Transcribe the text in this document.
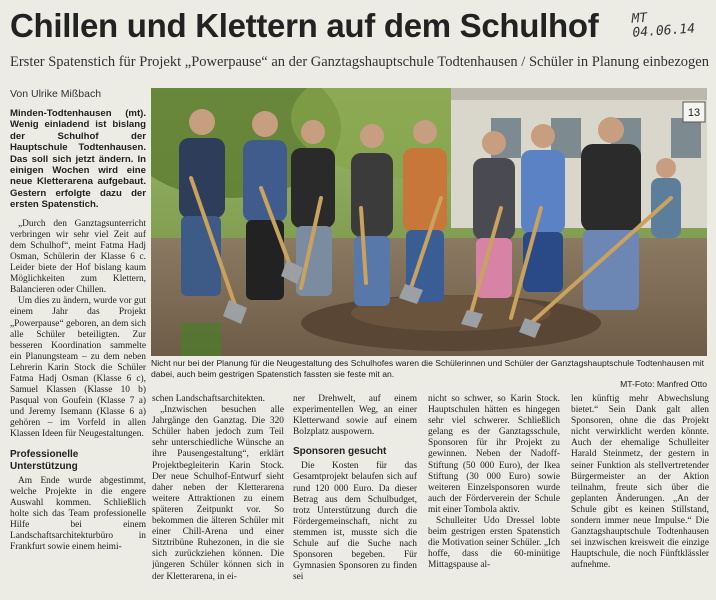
Chillen und Klettern auf dem Schulhof	MT 04.06.14
Erster Spatenstich für Projekt „Powerpause“ an der Ganztagshauptschule Todtenhausen / Schüler in Planung einbezogen
Von Ulrike Mißbach
13
Nicht nur bei der Planung für die Neugestaltung des Schulhofes waren die Schülerinnen und Schüler der Ganztagshauptschule Todtenhausen mit dabei, auch beim gestrigen Spatenstich fassten sie feste mit an.
MT-Foto: Manfred Otto

Minden-Todtenhausen (mt). Wenig einladend ist bislang der Schulhof der Hauptschule Todtenhausen. Das soll sich jetzt ändern. In einigen Wochen wird eine neue Kletterarena aufgebaut. Gestern erfolgte dazu der ersten Spatenstich.

„Durch den Ganztagsunterricht verbringen wir sehr viel Zeit auf dem Schulhof“, meint Fatma Hadj Osman, Schülerin der Klasse 6 c. Leider biete der Hof bislang kaum Möglichkeiten zum Klettern, Balancieren oder Chillen.

Um dies zu ändern, wurde vor gut einem Jahr das Projekt „Powerpause“ geboren, an dem sich alle Schüler beteiligten. Zur besseren Koordination sammelte ein Planungsteam – zu dem neben Lehrerin Karin Stock die Schüler Fatma Hadj Osman (Klasse 6 c), Samuel Klassen (Klasse 10 b) Pasqual von Goufein (Klasse 7 a) und Jeremy Isemann (Klasse 6 a) gehören – im Vorfeld in allen Klassen Ideen für Neugestaltungen.

Professionelle Unterstützung

Am Ende wurde abgestimmt, welche Projekte in die engere Auswahl kommen. Schließlich holte sich das Team professionelle Hilfe bei einem Landschaftsarchitekturbüro in Frankfurt sowie einem heimi-

schen Landschaftsarchitekten.

„Inzwischen besuchen alle Jahrgänge den Ganztag. Die 320 Schüler haben jedoch zum Teil sehr unterschiedliche Wünsche an ihre Pausengestaltung“, erklärt Projektbegleiterin Karin Stock. Der neue Schulhof-Entwurf sieht daher neben der Kletterarena weitere Attraktionen zu einem späteren Zeitpunkt vor. So bekommen die älteren Schüler mit einer Chill-Arena und einer Sitztribüne Ruhezonen, in die sie sich zurückziehen können. Die jüngeren Schüler können sich in der Kletterarena, in ei-

ner Drehwelt, auf einem experimentellen Weg, an einer Kletterwand sowie auf einem Bolzplatz auspowern.

Sponsoren gesucht

Die Kosten für das Gesamtprojekt belaufen sich auf rund 120 000 Euro. Da dieser Betrag aus dem Schulbudget, trotz Unterstützung durch die Fördergemeinschaft, nicht zu stemmen ist, musste sich die Schule auf die Suche nach Sponsoren begeben. Für Gymnasien Sponsoren zu finden sei

nicht so schwer, so Karin Stock. Hauptschulen hätten es hingegen sehr viel schwerer. Schließlich gelang es der Ganztagsschule, Sponsoren für ihr Projekt zu gewinnen. Neben der Nadoff-Stiftung (50 000 Euro), der Ikea Stiftung (30 000 Euro) sowie weiteren Einzelsponsoren wurde auch der Förderverein der Schule mit einer Tombola aktiv.

Schulleiter Udo Dressel lobte beim gestrigen ersten Spatenstich die Motivation seiner Schüler. „Ich hoffe, dass die 60-minütige Mittagspause al-

len künftig mehr Abwechslung bietet.“ Sein Dank galt allen Sponsoren, ohne die das Projekt nicht verwirklicht werden könnte. Auch der ehemalige Schulleiter Harald Steinmetz, der gestern in seiner Funktion als stellvertretender Bürgermeister an der Aktion teilnahm, freute sich über die geplanten Änderungen. „An der Schule gibt es keinen Stillstand, sondern immer neue Impulse.“ Die Ganztagshauptschule Todtenhausen sei inzwischen kreisweit die einzige Hauptschule, die noch Fünftklässler aufnehme.
